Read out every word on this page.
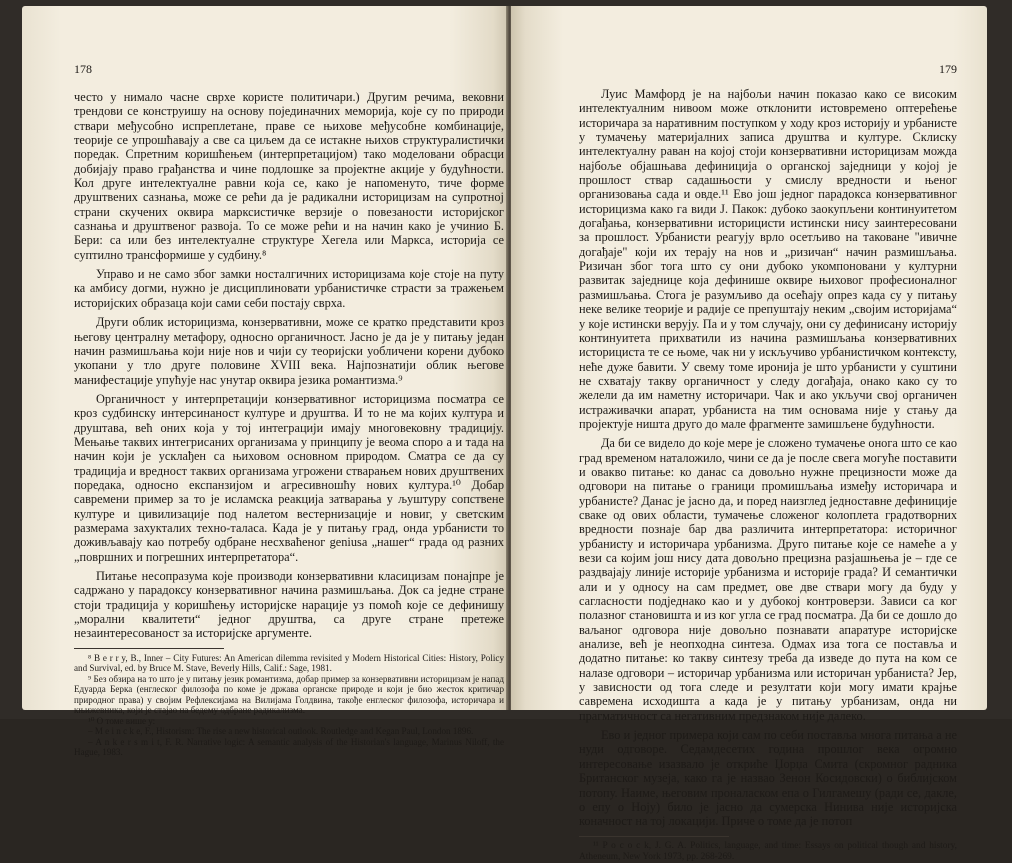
178

често у нимало часне сврхе користе политичари.) Другим речима, вековни трендови се конструишу на основу појединачних меморија, које су по природи ствари међусобно испреплетане, праве се њихове међусобне комбинације, теорије се упрошћавају а све са циљем да се истакне њихов структуралистички поредак. Спретним коришћењем (интерпретацијом) тако моделовани обрасци добијају право грађанства и чине подлошке за пројектне акције у будућности. Кол друге интелектуалне равни која се, како је напоменуто, тиче форме друштвених сазнања, може се рећи да је радикални историцизам на супротној страни скучених оквира марксистичке верзије о повезаности историјског сазнања и друштвеног развоја. То се може рећи и на начин како је учинио Б. Бери: са или без интелектуалне структуре Хегела или Маркса, историја се суптилно трансформише у судбину.⁸

Управо и не само због замки носталгичних историцизама које стоје на путу ка амбису догми, нужно је дисциплиновати урбанистичке страсти за тражењем историјских образаца који сами себи постају сврха.

Други облик историцизма, конзервативни, може се кратко представити кроз његову централну метафору, односно органичност. Јасно је да је у питању један начин размишљања који није нов и чији су теоријски уобличени корени дубоко укопани у тло друге половине XVIII века. Најпознатији облик његове манифестације упућује нас унутар оквира језика романтизма.⁹

Органичност у интерпретацији конзервативног историцизма посматра се кроз судбинску интерсинаност културе и друштва. И то не ма којих култура и друштава, већ оних која у тој интеграцији имају многовековну традицију. Мењање таквих интегрисаних организама у принципу је веома споро а и тада на начин који је усклађен са њиховом основном природом. Сматра се да су традиција и вредност таквих организама угрожени стварањем нових друштвених поредака, односно експанзијом и агресивношћу нових култура.¹⁰ Добар савремени пример за то је исламска реакција затварања у љуштуру сопствене културе и цивилизације под налетом вестернизације и новиг, у светским размерама захукталих техно-таласа. Када је у питању град, онда урбанисти то доживљавају као потребу одбране несхваћеног geniusa „нашег“ града од разних „површних и погрешних интерпретатора“.

Питање несопразума које производи конзервативни класицизам понајпре је садржано у парадоксу конзервативног начина размишљања. Док са једне стране стоји традиција у коришћењу историјске нарације уз помоћ које се дефинишу „морални квалитети“ једног друштва, са друге стране претеже незаинтересованост за историјске аргументе.

⁸ B e r r y, B., Inner – City Futures: An American dilemma revisited у Modern Historical Cities: History, Policy and Survival, ed. by Bruce M. Stave, Beverly Hills, Calif.: Sage, 1981.

⁹ Без обзира на то што је у питању језик романтизма, добар пример за конзервативни историцизам је напад Едуарда Берка (енглеског филозофа по коме је држава органске природе и који је био жесток критичар природног права) у својим Рефлексијама на Вилијама Голдвина, такође енглеског филозофа, историчара и књижевника, који је стајао на бедему одбране радикализма.

¹⁰ О томе више у:

– M e i n c k e, F., Historism: The rise a new historical outlook. Routledge and Kegan Paul, London 1896.

– A n k e r s m i t, F. R. Narrative logic: A semantic analysis of the Historian's language, Marinus Niloff, the Hague, 1983.

179

Луис Мамфорд је на најбољи начин показао како се високим интелектуалним нивоом може отклонити истовремено оптерећење историчара за наративним поступком у ходу кроз историју и урбанисте у тумачењу материјалних записа друштва и културе. Склиску интелектуалну раван на којој стоји конзервативни историцизам можда најбоље објашњава дефиниција о органској заједници у којој је прошлост ствар садашњости у смислу вредности и њеног организовања сада и овде.¹¹ Ево још једног парадокса конзервативног историцизма како га види Ј. Пакок: дубоко заокупљени континуитетом догађања, конзервативни историцисти истински нису заинтересовани за прошлост. Урбанисти реагују врло осетљиво на таковане "ивичне догађаје" који их терају на нов и „ризичан“ начин размишљања. Ризичан због тога што су они дубоко укомпоновани у културни развитак заједнице која дефинише оквире њиховог професионалног размишљања. Стога је разумљиво да осећају опрез када су у питању неке велике теорије и радије се препуштају неким „својим историјама“ у које истински верују. Па и у том случају, они су дефинисану историју континуитета прихватили из начина размишљања конзервативних историциста те се њоме, чак ни у искључиво урбанистичком контексту, неће дуже бавити. У свему томе иронија је што урбанисти у суштини не схватају такву органичност у следу догађаја, онако како су то желели да им наметну историчари. Чак и ако укључи свој органичен истраживачки апарат, урбаниста на тим основама није у стању да пројектује ништа друго до мале фрагменте замишљене будућности.

Да би се видело до које мере је сложено тумачење онога што се као град временом наталожило, чини се да је после свега могуће поставити и овакво питање: ко данас са довољно нужне прецизности може да одговори на питање о граници промишљања између историчара и урбанисте? Данас је јасно да, и поред наизглед једноставне дефиниције сваке од ових области, тумачење сложеног колоплета градотворних вредности познаје бар два различита интерпретатора: историчног урбанисту и историчара урбанизма. Друго питање које се намеће а у вези са којим још нису дата довољно прецизна разјашњења је – где се раздвајају линије историје урбанизма и историје града? И семантички али и у односу на сам предмет, ове две ствари могу да буду у сагласности подједнако као и у дубокој контроверзи. Зависи са ког полазног становишта и из ког угла се град посматра. Да би се дошло до ваљаног одговора није довољно познавати апаратуре историјске анализе, већ је неопходна синтеза. Одмах иза тога се поставља и додатно питање: ко такву синтезу треба да изведе до пута на ком се налазе одговори – историчар урбанизма или историчан урбаниста? Јер, у зависности од тога следе и резултати који могу имати крајње савремена исходишта а када је у питању урбанизам, онда ни прагматичност са негативним предзнаком није далеко.

Ево и једног примера који сам по себи поставља многа питања а не нуди одговоре. Седамдесетих година прошлог века огромно интересовање изазвало је откриће Џорџа Смита (скромног радника Британског музеја, како га је назвао Зенон Косидовски) о библијском потопу. Наиме, његовим проналаском епа о Гилгамешу (ради се, дакле, о епу о Ноју) било је јасно да сумерска Нинива није историјска коначност на тој локацији. Приче о томе да је потоп

¹¹ P o c o c k, J. G. A. Politics, language, and time: Essays on political though and history, Atheneum, New York 1973, pp. 268-269.
